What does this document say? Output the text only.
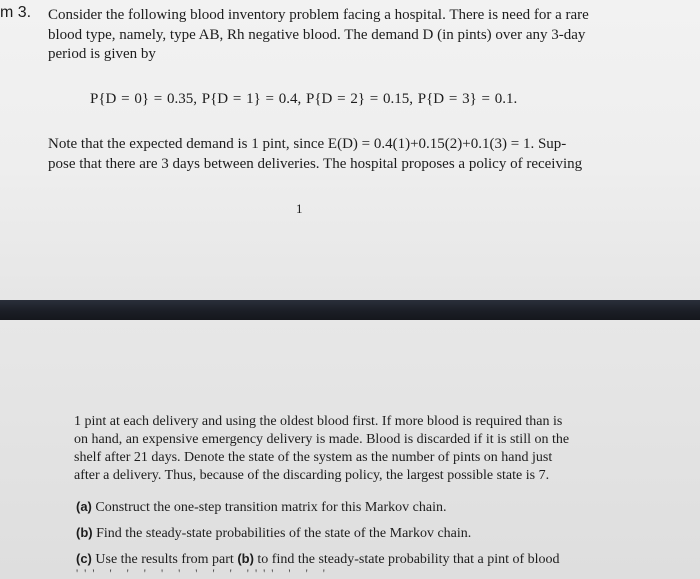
m 3. Consider the following blood inventory problem facing a hospital. There is need for a rare
blood type, namely, type AB, Rh negative blood. The demand D (in pints) over any 3-day
period is given by
P{D = 0} = 0.35, P{D = 1} = 0.4, P{D = 2} = 0.15, P{D = 3} = 0.1.
Note that the expected demand is 1 pint, since E(D) = 0.4(1)+0.15(2)+0.1(3) = 1. Sup-
pose that there are 3 days between deliveries. The hospital proposes a policy of receiving
1
1 pint at each delivery and using the oldest blood first. If more blood is required than is
on hand, an expensive emergency delivery is made. Blood is discarded if it is still on the
shelf after 21 days. Denote the state of the system as the number of pints on hand just
after a delivery. Thus, because of the discarding policy, the largest possible state is 7.
(a) Construct the one-step transition matrix for this Markov chain.
(b) Find the steady-state probabilities of the state of the Markov chain.
(c) Use the results from part (b) to find the steady-state probability that a pint of blood
''' ' ' ' ' ' ' ' ' '''' ' ' '
